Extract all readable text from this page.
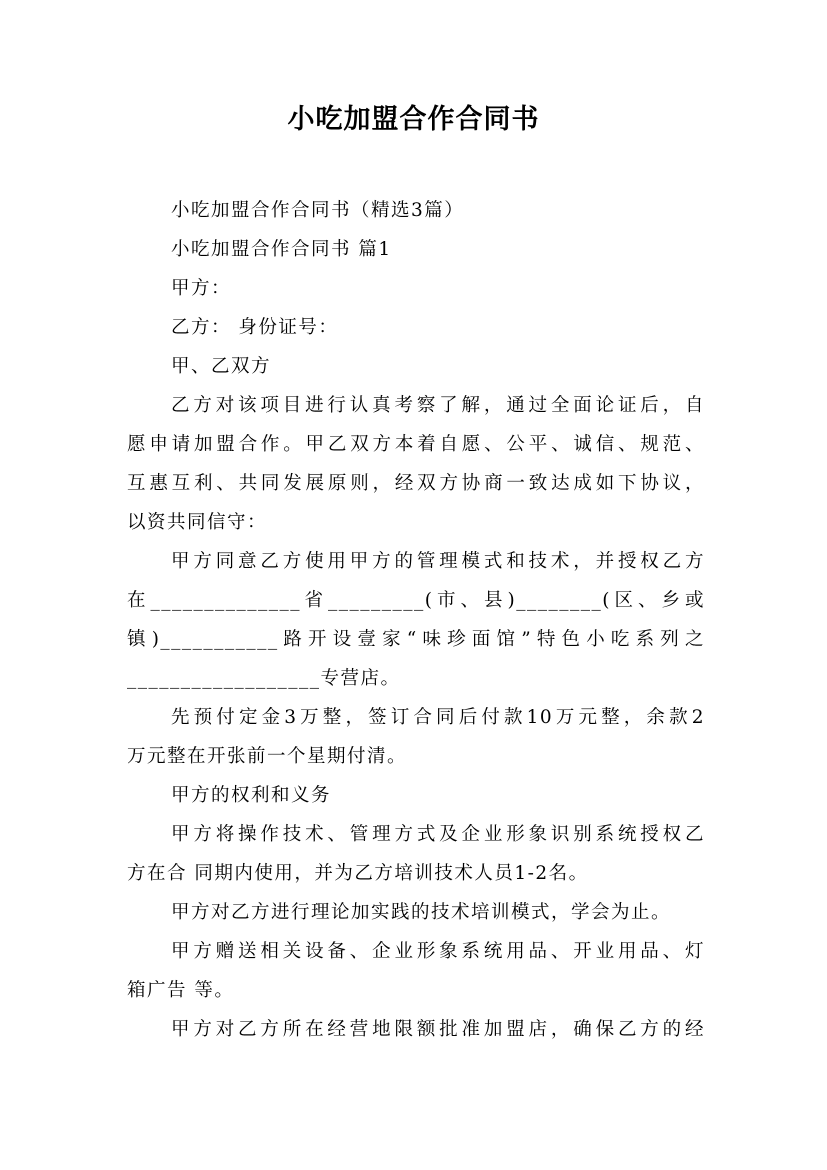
小吃加盟合作合同书

小吃加盟合作合同书（精选3篇）

小吃加盟合作合同书 篇1

甲方：

乙方： 身份证号：

甲、乙双方

乙方对该项目进行认真考察了解，通过全面论证后，自

愿申请加盟合作。甲乙双方本着自愿、公平、诚信、规范、

互惠互利、共同发展原则，经双方协商一致达成如下协议，

以资共同信守：

甲方同意乙方使用甲方的管理模式和技术，并授权乙方

在______________省_________(市、县)________(区、乡或

镇)___________路开设壹家“味珍面馆”特色小吃系列之

__________________专营店。

先预付定金3万整，签订合同后付款10万元整，余款2

万元整在开张前一个星期付清。

甲方的权利和义务

甲方将操作技术、管理方式及企业形象识别系统授权乙

方在合 同期内使用，并为乙方培训技术人员1-2名。

甲方对乙方进行理论加实践的技术培训模式，学会为止。

甲方赠送相关设备、企业形象系统用品、开业用品、灯

箱广告 等。

甲方对乙方所在经营地限额批准加盟店，确保乙方的经
